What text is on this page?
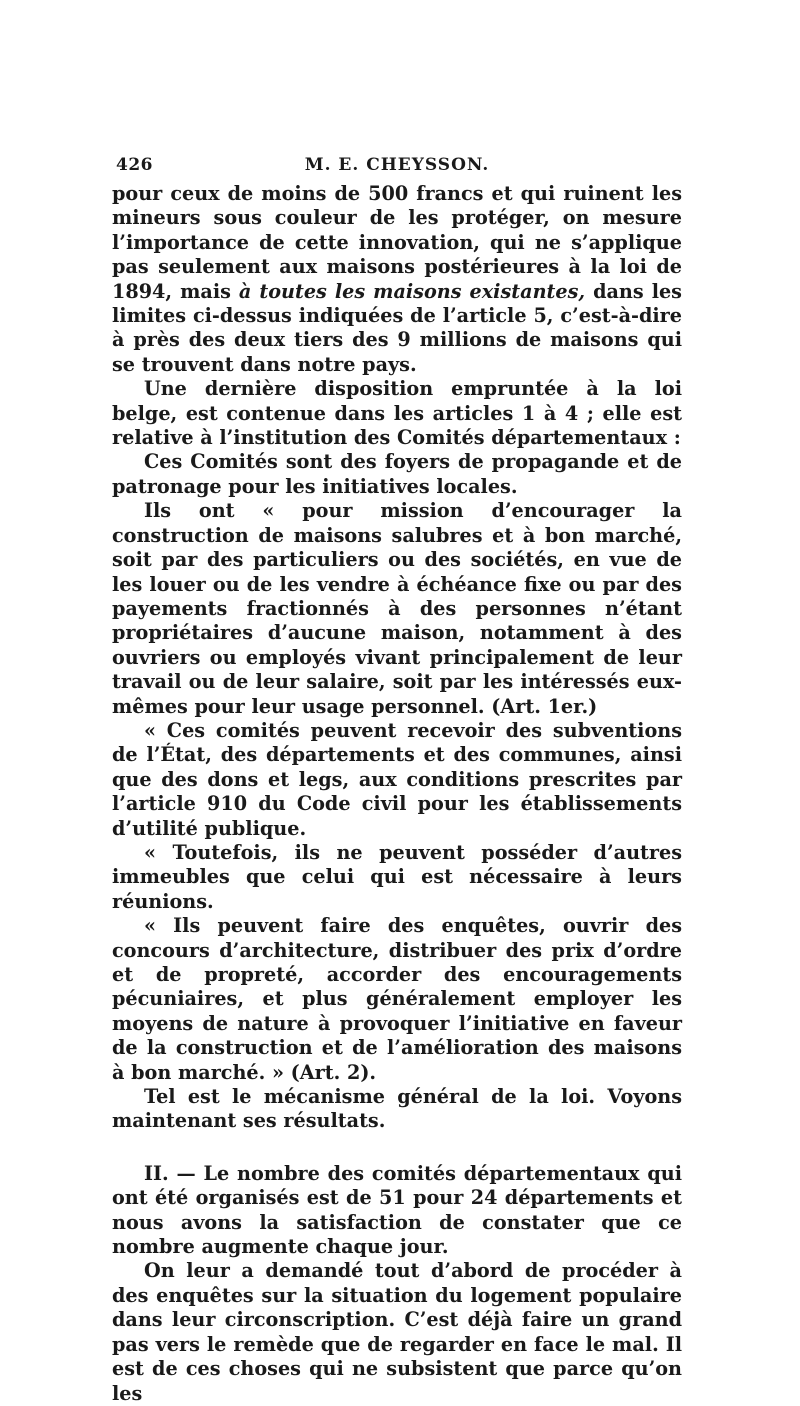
426	M. E. CHEYSSON.

pour ceux de moins de 500 francs et qui ruinent les mineurs sous couleur de les protéger, on mesure l’importance de cette innovation, qui ne s’applique pas seulement aux maisons postérieures à la loi de 1894, mais à toutes les maisons existantes, dans les limites ci-dessus indiquées de l’article 5, c’est-à-dire à près des deux tiers des 9 millions de maisons qui se trouvent dans notre pays.

Une dernière disposition empruntée à la loi belge, est contenue dans les articles 1 à 4 ; elle est relative à l’institution des Comités départementaux :

Ces Comités sont des foyers de propagande et de patronage pour les initiatives locales.

Ils ont « pour mission d’encourager la construction de maisons salubres et à bon marché, soit par des particuliers ou des sociétés, en vue de les louer ou de les vendre à échéance fixe ou par des payements fractionnés à des personnes n’étant propriétaires d’aucune maison, notamment à des ouvriers ou employés vivant principalement de leur travail ou de leur salaire, soit par les intéressés eux-mêmes pour leur usage personnel. (Art. 1er.)

« Ces comités peuvent recevoir des subventions de l’État, des départements et des communes, ainsi que des dons et legs, aux conditions prescrites par l’article 910 du Code civil pour les établissements d’utilité publique.

« Toutefois, ils ne peuvent posséder d’autres immeubles que celui qui est nécessaire à leurs réunions.

« Ils peuvent faire des enquêtes, ouvrir des concours d’architecture, distribuer des prix d’ordre et de propreté, accorder des encouragements pécuniaires, et plus généralement employer les moyens de nature à provoquer l’initiative en faveur de la construction et de l’amélioration des maisons à bon marché. » (Art. 2).

Tel est le mécanisme général de la loi. Voyons maintenant ses résultats.

II. — Le nombre des comités départementaux qui ont été organisés est de 51 pour 24 départements et nous avons la satisfaction de constater que ce nombre augmente chaque jour.

On leur a demandé tout d’abord de procéder à des enquêtes sur la situation du logement populaire dans leur circonscription. C’est déjà faire un grand pas vers le remède que de regarder en face le mal. Il est de ces choses qui ne subsistent que parce qu’on les
